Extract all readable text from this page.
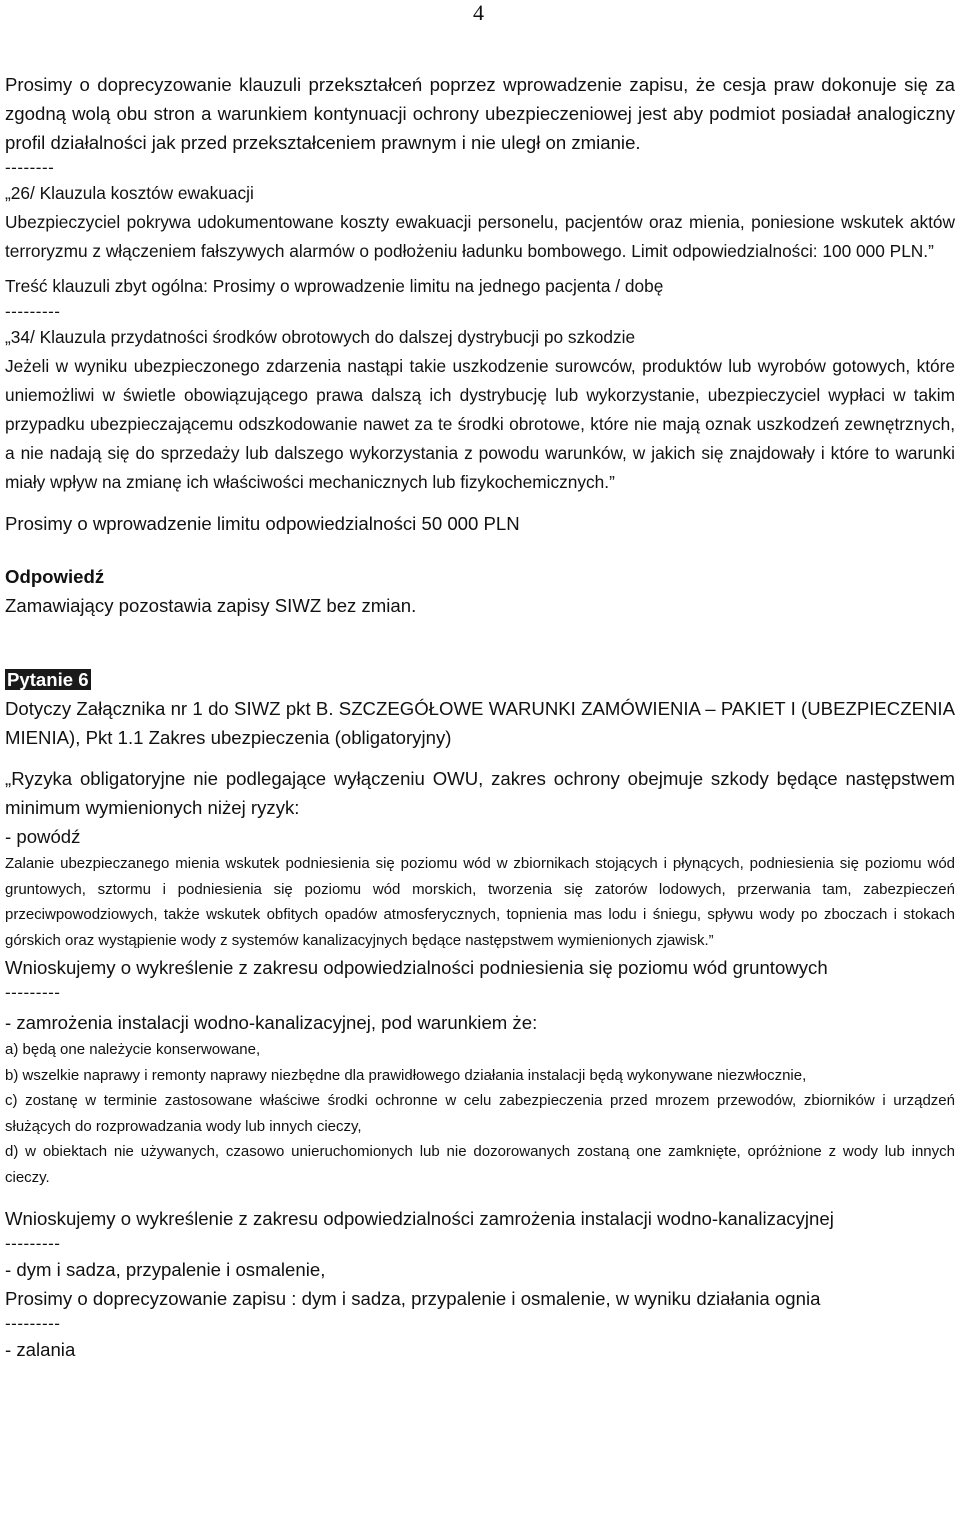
4

Prosimy o doprecyzowanie klauzuli przekształceń poprzez wprowadzenie zapisu, że cesja praw dokonuje się za zgodną wolą obu stron a warunkiem kontynuacji ochrony ubezpieczeniowej jest aby podmiot posiadał analogiczny profil działalności jak przed przekształceniem prawnym i nie uległ on zmianie.

--------

„26/ Klauzula kosztów ewakuacji

Ubezpieczyciel pokrywa udokumentowane koszty ewakuacji personelu, pacjentów oraz mienia, poniesione wskutek aktów terroryzmu z włączeniem fałszywych alarmów o podłożeniu ładunku bombowego. Limit odpowiedzialności: 100 000 PLN.”

Treść klauzuli zbyt ogólna: Prosimy o wprowadzenie limitu na jednego pacjenta / dobę

---------

„34/ Klauzula przydatności środków obrotowych do dalszej dystrybucji po szkodzie

Jeżeli w wyniku ubezpieczonego zdarzenia nastąpi takie uszkodzenie surowców, produktów lub wyrobów gotowych, które uniemożliwi w świetle obowiązującego prawa dalszą ich dystrybucję lub wykorzystanie, ubezpieczyciel wypłaci w takim przypadku ubezpieczającemu odszkodowanie nawet za te środki obrotowe, które nie mają oznak uszkodzeń zewnętrznych, a nie nadają się do sprzedaży lub dalszego wykorzystania z powodu warunków, w jakich się znajdowały i które to warunki miały wpływ na zmianę ich właściwości mechanicznych lub fizykochemicznych.”

Prosimy o wprowadzenie limitu odpowiedzialności 50 000 PLN

Odpowiedź

Zamawiający pozostawia zapisy SIWZ bez zmian.

Pytanie 6

Dotyczy Załącznika nr 1 do SIWZ pkt B. SZCZEGÓŁOWE WARUNKI ZAMÓWIENIA – PAKIET I (UBEZPIECZENIA MIENIA), Pkt 1.1 Zakres ubezpieczenia (obligatoryjny)

„Ryzyka obligatoryjne nie podlegające wyłączeniu OWU, zakres ochrony obejmuje szkody będące następstwem minimum wymienionych niżej ryzyk:

- powódź

Zalanie ubezpieczanego mienia wskutek podniesienia się poziomu wód w zbiornikach stojących i płynących, podniesienia się poziomu wód gruntowych, sztormu i podniesienia się poziomu wód morskich, tworzenia się zatorów lodowych, przerwania tam, zabezpieczeń przeciwpowodziowych, także wskutek obfitych opadów atmosferycznych, topnienia mas lodu i śniegu, spływu wody po zboczach i stokach górskich oraz wystąpienie wody z systemów kanalizacyjnych będące następstwem wymienionych zjawisk.”

Wnioskujemy o wykreślenie z zakresu odpowiedzialności podniesienia się poziomu wód gruntowych

---------

- zamrożenia instalacji wodno-kanalizacyjnej, pod warunkiem że:

a) będą one należycie konserwowane,

b) wszelkie naprawy i remonty naprawy niezbędne dla prawidłowego działania instalacji będą wykonywane niezwłocznie,

c) zostanę w terminie zastosowane właściwe środki ochronne w celu zabezpieczenia przed mrozem przewodów, zbiorników i urządzeń służących do rozprowadzania wody lub innych cieczy,

d) w obiektach nie używanych, czasowo unieruchomionych lub nie dozorowanych zostaną one zamknięte, opróżnione z wody lub innych cieczy.

Wnioskujemy o wykreślenie z zakresu odpowiedzialności zamrożenia instalacji wodno-kanalizacyjnej

---------

- dym i sadza, przypalenie i osmalenie,

Prosimy o doprecyzowanie zapisu : dym i sadza, przypalenie i osmalenie, w wyniku działania ognia

---------

- zalania
